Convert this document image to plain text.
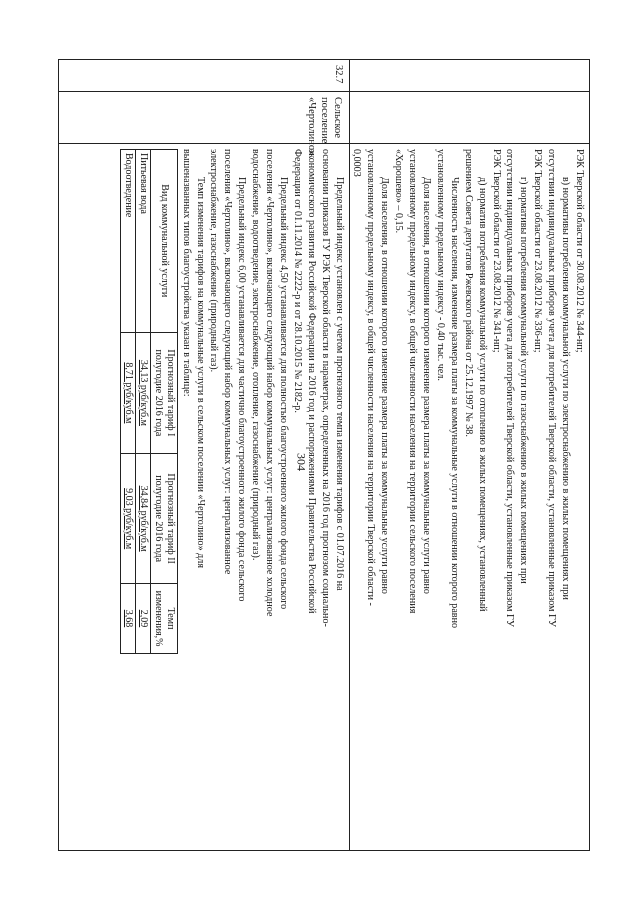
304

РЭК Тверской области от 30.08.2012 № 344-нп;
в) нормативы потребления коммунальной услуги по электроснабжению в жилых помещениях при
отсутствии индивидуальных приборов учета для потребителей Тверской области, установленные приказом ГУ
РЭК Тверской области от 23.08.2012 № 336-нп;
г) нормативы потребления коммунальной услуги по газоснабжению в жилых помещениях при
отсутствии индивидуальных приборов учета для потребителей Тверской области, установленные приказом ГУ
РЭК Тверской области от 23.08.2012 № 341-нп;
д) норматив потребления коммунальной услуги по отоплению в жилых помещениях, установленный
решением Совета депутатов Ржевского района от 25.12.1997 № 38.
Численность населения, изменение размера платы за коммунальные услуги в отношении которого равно
установленному предельному индексу - 0,40 тыс. чел.
Доля населения, в отношении которого изменение размера платы за коммунальные услуги равно
установленному предельному индексу, в общей численности населения на территории сельского поселения
«Хорошево» – 0,15.
Доля населения, в отношении которого изменение размера платы за коммунальные услуги равно
установленному предельному индексу, в общей численности населения на территории Тверской области -
0,0003

32.7

Сельское
поселение
«Чертолино»

Предельный индекс установлен с учетом прогнозного темпа изменения тарифов с 01.07.2016 на
основании приказов ГУ РЭК Тверской области в параметрах, определенных на 2016 год прогнозом социально-
экономического развития Российской Федерации на 2016 год и распоряжениями Правительства Российской
Федерации от 01.11.2014 № 2222-р и от 28.10.2015 № 2182-р.
Предельный индекс 4,50 устанавливается для полностью благоустроенного жилого фонда сельского
поселения «Чертолино», включающего следующий набор коммунальных услуг: централизованное холодное
водоснабжение, водоотведение, электроснабжение, отопление, газоснабжение (природный газ).
Предельный индекс 6,00 устанавливается для частично благоустроенного жилого фонда сельского
поселения «Чертолино», включающего следующий набор коммунальных услуг: централизованное
электроснабжение, газоснабжение (природный газ).
Темп изменения тарифов на коммунальные услуги в сельском поселении «Чертолино» для
вышеназванных типов благоустройства указан в таблице:
Вид коммунальной услуги	Прогнозный тариф I полугодие 2016 года	Прогнозный тариф II полугодие 2016 года	Темп изменения,%
Питьевая вода	34,13 руб/куб.м	34,84 руб/куб.м	2,09
Водоотведение	8,71 руб/куб.м	9,03 руб/куб.м	3,68
